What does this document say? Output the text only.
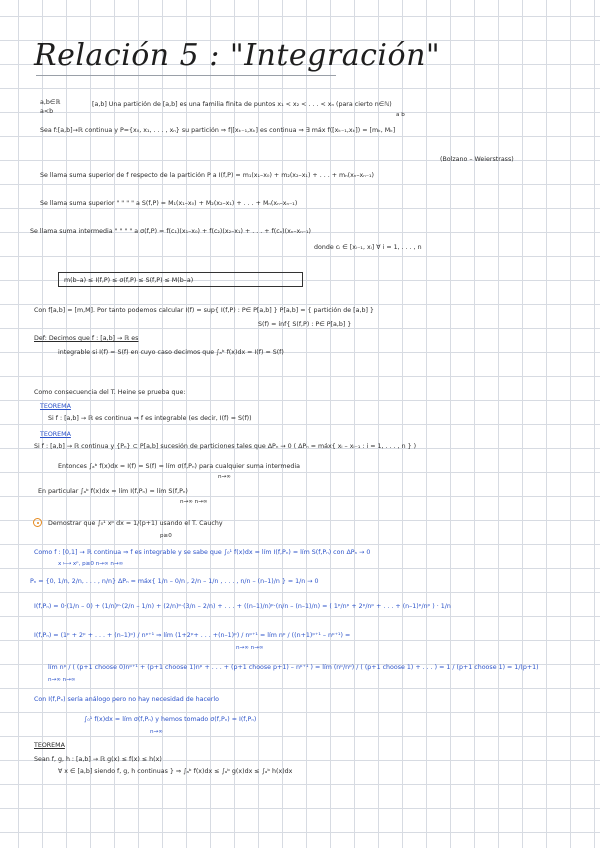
Relación 5 : "Integración"
a,b∈ℝ
a<b
[a,b] Una partición de [a,b] es una familia finita de puntos x₁ < x₂ < . . . < xₙ (para cierto n∈ℕ)
a b
Sea f:[a,b]→ℝ continua y P={x₀, x₁, . . . , xₙ} su partición ⇒ f|[xₖ₋₁,xₖ] es continua ⇒ ∃ máx f([xₖ₋₁,xₖ]) = [mₖ, Mₖ]
(Bolzano – Weierstrass)
Se llama suma superior de f respecto de la partición P a I(f,P) = m₁(x₁–x₀) + m₂(x₂–x₁) + . . . + mₙ(xₙ–xₙ₋₁)
Se llama suma superior " " " " a S(f,P) = M₁(x₁–x₀) + M₂(x₂–x₁) + . . . + Mₙ(xₙ–xₙ₋₁)
Se llama suma intermedia " " " " a σ(f,P) = f(c₁)(x₁–x₀) + f(c₂)(x₂–x₁) + . . . + f(cₙ)(xₙ–xₙ₋₁)
donde cᵢ ∈ [xᵢ₋₁, xᵢ] ∀ i = 1, . . . , n
m(b–a) ≤ I(f,P) ≤ σ(f,P) ≤ S(f,P) ≤ M(b–a)
Con f[a,b] = [m,M]. Por tanto podemos calcular I(f) = sup{ I(f,P) : P∈ P[a,b] } P[a,b] = { partición de [a,b] }
S(f) = ínf{ S(f,P) : P∈ P[a,b] }
Def: Decimos que f : [a,b] → ℝ es
integrable si I(f) = S(f) en cuyo caso decimos que ∫ₐᵇ f(x)dx = I(f) = S(f)
Como consecuencia del T. Heine se prueba que:
TEOREMA
Si f : [a,b] → ℝ es continua ⇒ f es integrable (es decir, I(f) = S(f))
TEOREMA
Si f : [a,b] → ℝ continua y {Pₙ} ⊂ P[a,b] sucesión de particiones tales que ΔPₙ → 0 ( ΔPₙ = máx{ xᵢ – xᵢ₋₁ : i = 1, . . . , n } )
Entonces ∫ₐᵇ f(x)dx = I(f) = S(f) = lím σ(f,Pₙ) para cualquier suma intermedia
n→∞
En particular ∫ₐᵇ f(x)dx = lím I(f,Pₙ) = lím S(f,Pₙ)
n→∞ n→∞
Demostrar que ∫₀¹ xᵖ dx = 1/(p+1) usando el T. Cauchy
p≥0
Como f : [0,1] → ℝ continua ⇒ f es integrable y se sabe que ∫₀¹ f(x)dx = lím I(f,Pₙ) = lím S(f,Pₙ) con ΔPₙ → 0
x ⟼ xᵖ, p≥0 n→∞ n→∞
Pₙ = {0, 1/n, 2/n, . . . , n/n} ΔPₙ = máx{ 1/n – 0/n , 2/n – 1/n , . . . , n/n – (n–1)/n } = 1/n → 0
I(f,Pₙ) = 0·(1/n – 0) + (1/n)ᵖ·(2/n – 1/n) + (2/n)ᵖ·(3/n – 2/n) + . . . + ((n–1)/n)ᵖ·(n/n – (n–1)/n) = ( 1ᵖ/nᵖ + 2ᵖ/nᵖ + . . . + (n–1)ᵖ/nᵖ ) · 1/n
I(f,Pₙ) = (1ᵖ + 2ᵖ + . . . + (n–1)ᵖ) / nᵖ⁺¹ ⇒ lím (1+2ᵖ+ . . . +(n–1)ᵖ) / nᵖ⁺¹ = lím nᵖ / ((n+1)ᵖ⁺¹ – nᵖ⁺¹) =
n→∞ n→∞
lím nᵖ / ( (p+1 choose 0)nᵖ⁺¹ + (p+1 choose 1)nᵖ + . . . + (p+1 choose p+1) – nᵖ⁺¹ ) = lím (nᵖ/nᵖ) / ( (p+1 choose 1) + . . . ) = 1 / (p+1 choose 1) = 1/(p+1)
n→∞ n→∞
Con I(f,Pₙ) sería análogo pero no hay necesidad de hacerlo
∫₀¹ f(x)dx = lím σ(f,Pₙ) y hemos tomado σ(f,Pₙ) = I(f,Pₙ)
n→∞
TEOREMA
Sean f, g, h : [a,b] → ℝ g(x) ≤ f(x) ≤ h(x)
∀ x ∈ [a,b] siendo f, g, h continuas } ⇒ ∫ₐᵇ f(x)dx ≤ ∫ₐᵇ g(x)dx ≤ ∫ₐᵇ h(x)dx
